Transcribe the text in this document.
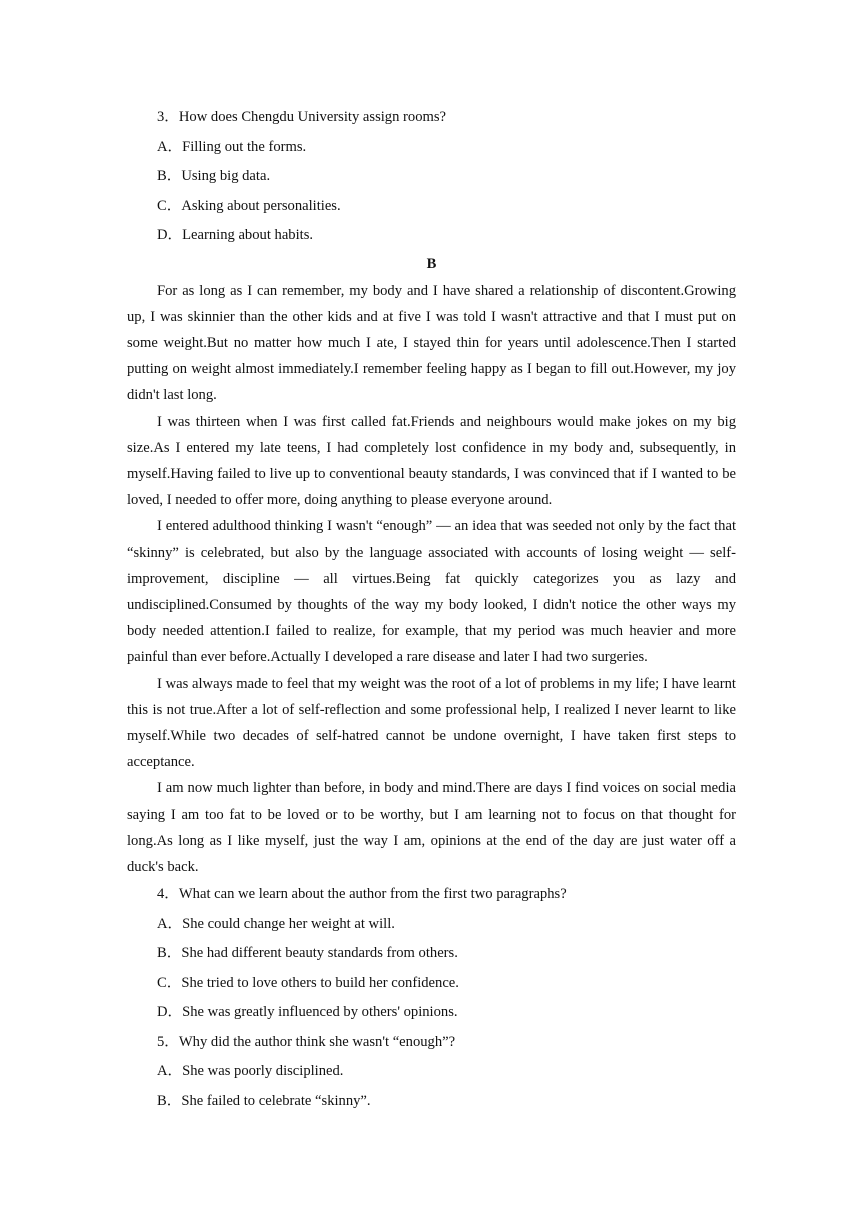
3．How does Chengdu University assign rooms?
A．Filling out the forms.
B．Using big data.
C．Asking about personalities.
D．Learning about habits.
B

For as long as I can remember, my body and I have shared a relationship of discontent.Growing up, I was skinnier than the other kids and at five I was told I wasn't attractive and that I must put on some weight.But no matter how much I ate, I stayed thin for years until adolescence.Then I started putting on weight almost immediately.I remember feeling happy as I began to fill out.However, my joy didn't last long.

I was thirteen when I was first called fat.Friends and neighbours would make jokes on my big size.As I entered my late teens, I had completely lost confidence in my body and, subsequently, in myself.Having failed to live up to conventional beauty standards, I was convinced that if I wanted to be loved, I needed to offer more, doing anything to please everyone around.

I entered adulthood thinking I wasn't “enough” — an idea that was seeded not only by the fact that “skinny” is celebrated, but also by the language associated with accounts of losing weight — self-improvement, discipline — all virtues.Being fat quickly categorizes you as lazy and undisciplined.Consumed by thoughts of the way my body looked, I didn't notice the other ways my body needed attention.I failed to realize, for example, that my period was much heavier and more painful than ever before.Actually I developed a rare disease and later I had two surgeries.

I was always made to feel that my weight was the root of a lot of problems in my life; I have learnt this is not true.After a lot of self-reflection and some professional help, I realized I never learnt to like myself.While two decades of self-hatred cannot be undone overnight, I have taken first steps to acceptance.

I am now much lighter than before, in body and mind.There are days I find voices on social media saying I am too fat to be loved or to be worthy, but I am learning not to focus on that thought for long.As long as I like myself, just the way I am, opinions at the end of the day are just water off a duck's back.

4．What can we learn about the author from the first two paragraphs?
A．She could change her weight at will.
B．She had different beauty standards from others.
C．She tried to love others to build her confidence.
D．She was greatly influenced by others' opinions.
5．Why did the author think she wasn't “enough”?
A．She was poorly disciplined.
B．She failed to celebrate “skinny”.
